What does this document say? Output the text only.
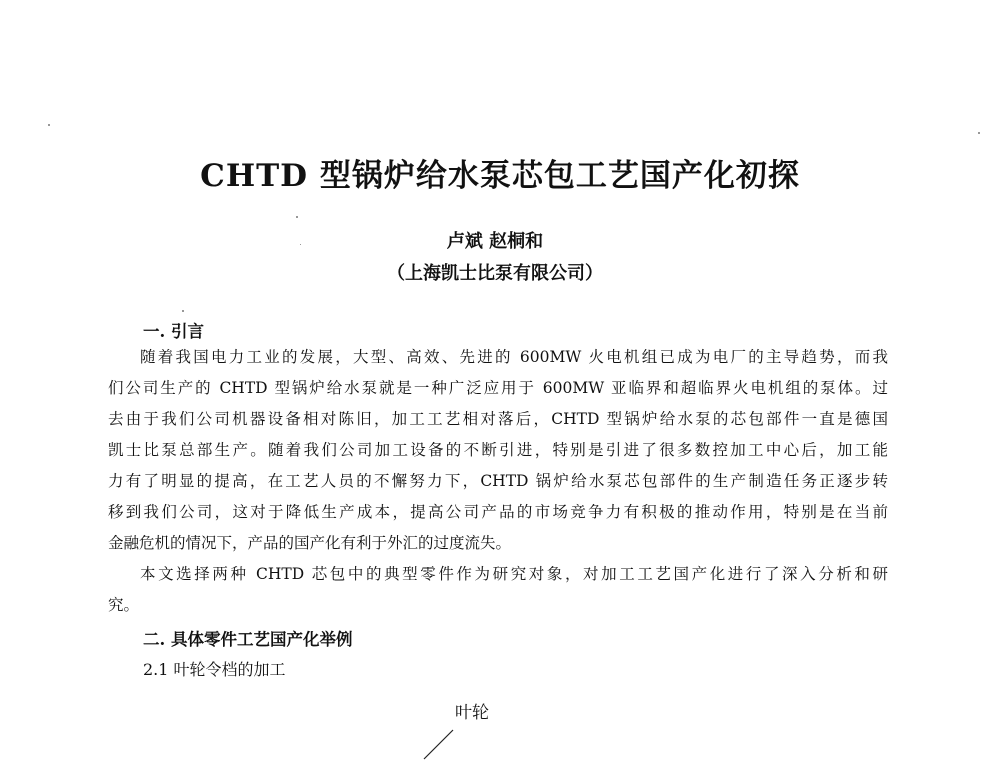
CHTD 型锅炉给水泵芯包工艺国产化初探
卢斌 赵桐和
（上海凯士比泵有限公司）
一. 引言
随着我国电力工业的发展，大型、高效、先进的 600MW 火电机组已成为电厂的主导趋势，而我
们公司生产的 CHTD 型锅炉给水泵就是一种广泛应用于 600MW 亚临界和超临界火电机组的泵体。过
去由于我们公司机器设备相对陈旧，加工工艺相对落后，CHTD 型锅炉给水泵的芯包部件一直是德国
凯士比泵总部生产。随着我们公司加工设备的不断引进，特别是引进了很多数控加工中心后，加工能
力有了明显的提高，在工艺人员的不懈努力下，CHTD 锅炉给水泵芯包部件的生产制造任务正逐步转
移到我们公司，这对于降低生产成本，提高公司产品的市场竞争力有积极的推动作用，特别是在当前
金融危机的情况下，产品的国产化有利于外汇的过度流失。
本文选择两种 CHTD 芯包中的典型零件作为研究对象，对加工工艺国产化进行了深入分析和研
究。
二. 具体零件工艺国产化举例
2.1 叶轮令档的加工
叶轮
